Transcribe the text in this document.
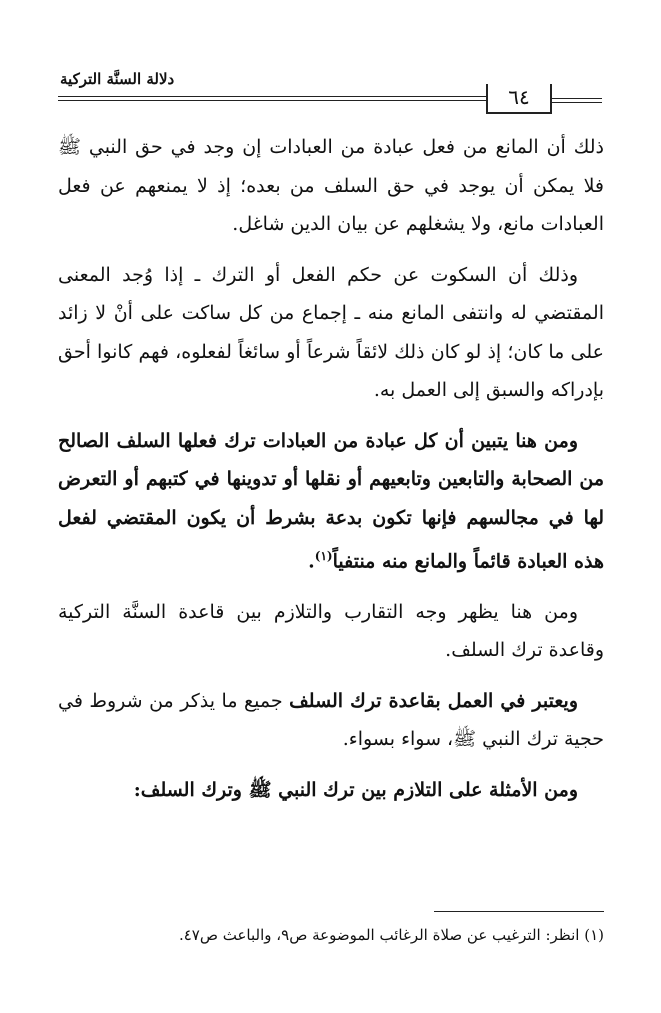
دلالة السنَّة التركية
٦٤

ذلك أن المانع من فعل عبادة من العبادات إن وجد في حق النبي ﷺ فلا يمكن أن يوجد في حق السلف من بعده؛ إذ لا يمنعهم عن فعل العبادات مانع، ولا يشغلهم عن بيان الدين شاغل.

وذلك أن السكوت عن حكم الفعل أو الترك ـ إذا وُجد المعنى المقتضي له وانتفى المانع منه ـ إجماع من كل ساكت على أنْ لا زائد على ما كان؛ إذ لو كان ذلك لائقاً شرعاً أو سائغاً لفعلوه، فهم كانوا أحق بإدراكه والسبق إلى العمل به.

ومن هنا يتبين أن كل عبادة من العبادات ترك فعلها السلف الصالح من الصحابة والتابعين وتابعيهم أو نقلها أو تدوينها في كتبهم أو التعرض لها في مجالسهم فإنها تكون بدعة بشرط أن يكون المقتضي لفعل هذه العبادة قائماً والمانع منه منتفياً$^{(١)}$.

ومن هنا يظهر وجه التقارب والتلازم بين قاعدة السنَّة التركية وقاعدة ترك السلف.

ويعتبر في العمل بقاعدة ترك السلف جميع ما يذكر من شروط في حجية ترك النبي ﷺ، سواء بسواء.

ومن الأمثلة على التلازم بين ترك النبي ﷺ وترك السلف:

(١) انظر: الترغيب عن صلاة الرغائب الموضوعة ص٩، والباعث ص٤٧.
